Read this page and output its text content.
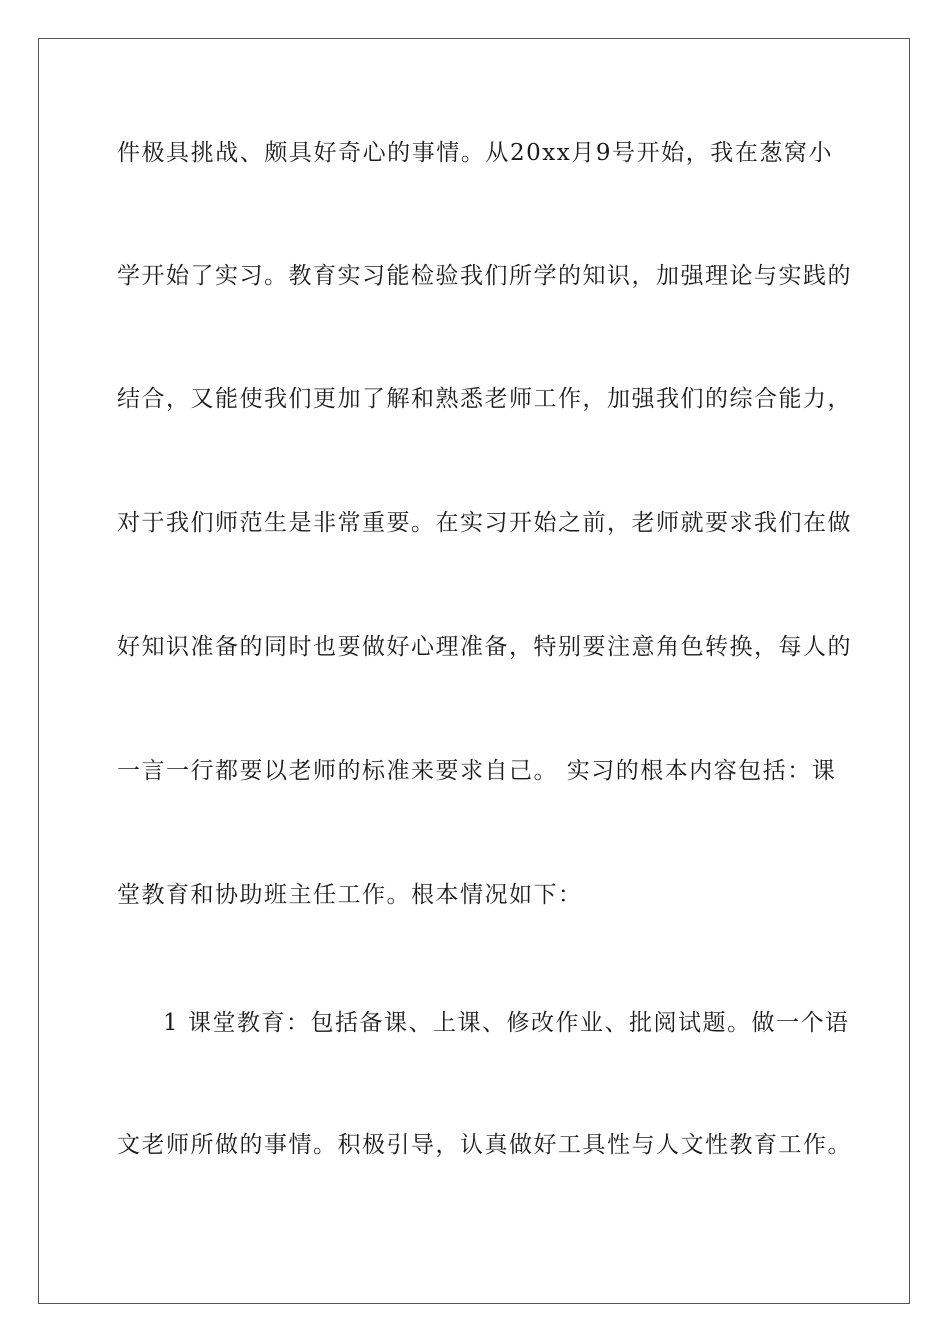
件极具挑战、颇具好奇心的事情。从20xx月9号开始，我在葱窝小
学开始了实习。教育实习能检验我们所学的知识，加强理论与实践的
结合，又能使我们更加了解和熟悉老师工作，加强我们的综合能力，
对于我们师范生是非常重要。在实习开始之前，老师就要求我们在做
好知识准备的同时也要做好心理准备，特别要注意角色转换，每人的
一言一行都要以老师的标准来要求自己。 实习的根本内容包括：课
堂教育和协助班主任工作。根本情况如下：
1 课堂教育：包括备课、上课、修改作业、批阅试题。做一个语
文老师所做的事情。积极引导，认真做好工具性与人文性教育工作。
